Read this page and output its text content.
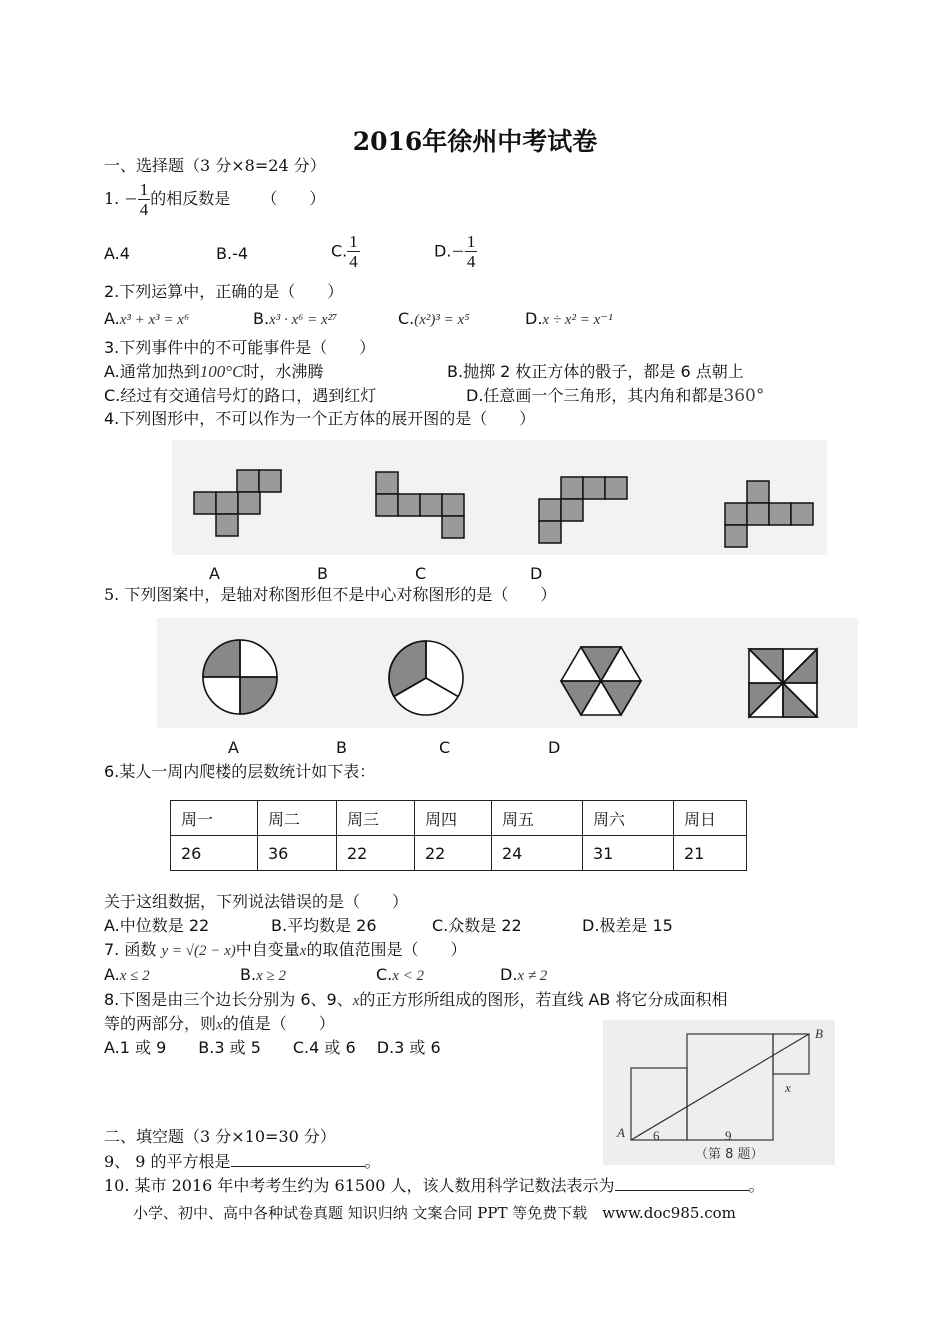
2016年徐州中考试卷
一、选择题（3 分×8=24 分）
1. − $\frac{1}{4}$ 的相反数是 （　　）
A.4	B.-4	C. $\frac{1}{4}$	$D.- \frac{1}{4}$
2.下列运算中，正确的是（　　）
A.x³ + x³ = x⁶	B.x³ · x⁶ = x²⁷	C.(x²)³ = x⁵	D.x ÷ x² = x⁻¹
3.下列事件中的不可能事件是（　　）
A.通常加热到100°C时，水沸腾	B.抛掷 2 枚正方体的骰子，都是 6 点朝上
C.经过有交通信号灯的路口，遇到红灯	D.任意画一个三角形，其内角和都是360°
4.下列图形中，不可以作为一个正方体的展开图的是（　　）
A	B	C	D
5. 下列图案中，是轴对称图形但不是中心对称图形的是（　　）
A	B	C	D
6.某人一周内爬楼的层数统计如下表：
周一	周二	周三	周四	周五	周六	周日
26	36	22	22	24	31	21
关于这组数据，下列说法错误的是（　　）
A.中位数是 22	B.平均数是 26	C.众数是 22	D.极差是 15
7. 函数 y = √(2 − x)中自变量x的取值范围是（　　）
A.x ≤ 2	B.x ≥ 2	C.x < 2	D.x ≠ 2
8.下图是由三个边长分别为 6、9、x的正方形所组成的图形，若直线 AB 将它分成面积相
等的两部分，则x的值是（　　）
A.1 或 9　　B.3 或 5　　C.4 或 6　 D.3 或 6
A
B
x
6	9
（第 8 题）
二、填空题（3 分×10=30 分）
9、 9 的平方根是	。
10. 某市 2016 年中考考生约为 61500 人，该人数用科学记数法表示为	。
小学、初中、高中各种试卷真题 知识归纳 文案合同 PPT 等免费下载　www.doc985.com
